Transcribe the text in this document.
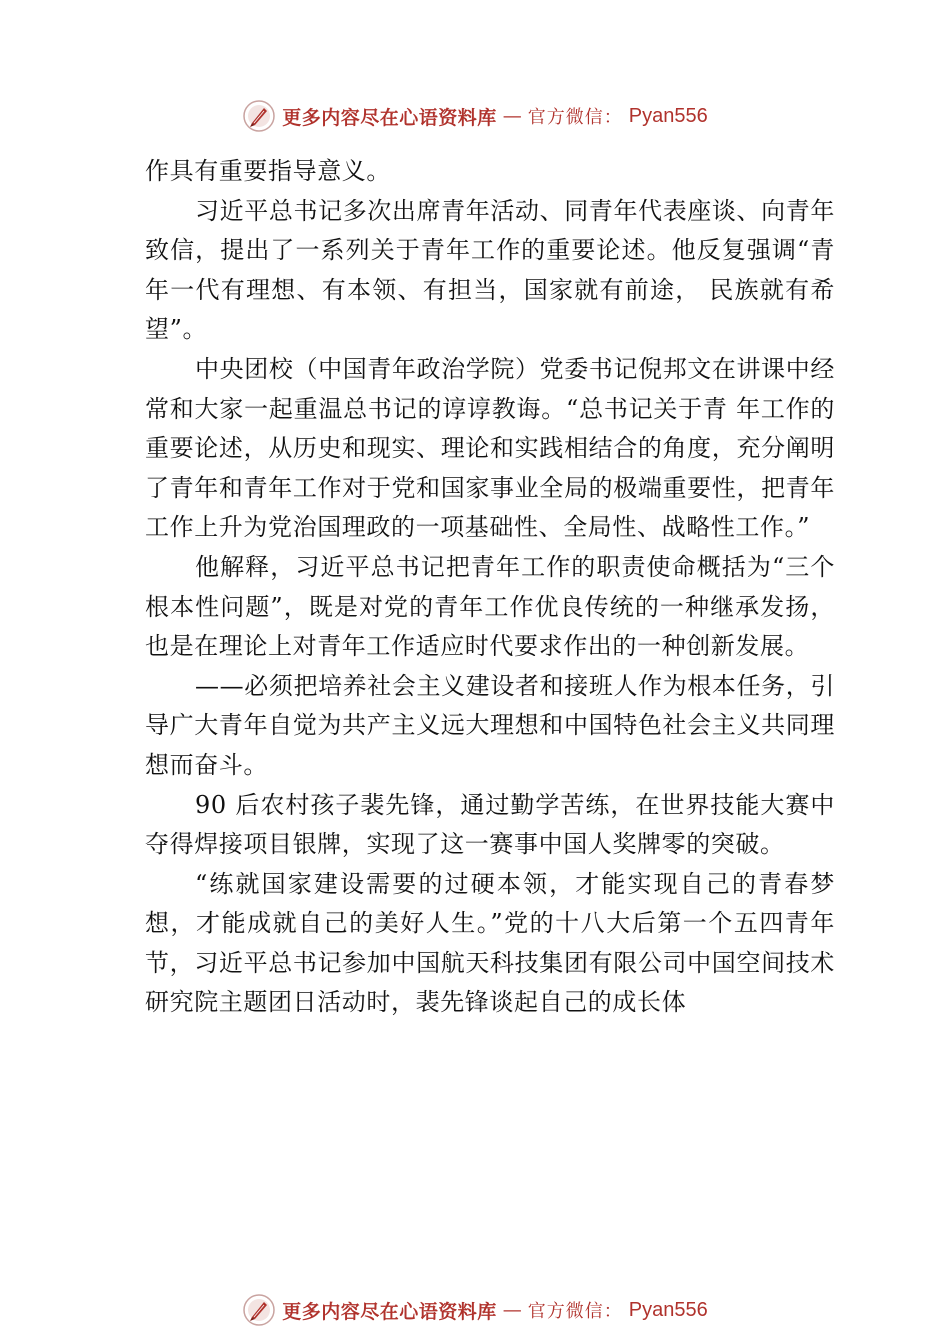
更多内容尽在心语资料库 — 官方微信： Pyan556

作具有重要指导意义。

习近平总书记多次出席青年活动、同青年代表座谈、向青年致信，提出了一系列关于青年工作的重要论述。他反复强调“青年一代有理想、有本领、有担当，国家就有前途， 民族就有希望”。

中央团校（中国青年政治学院）党委书记倪邦文在讲课中经常和大家一起重温总书记的谆谆教诲。“总书记关于青 年工作的重要论述，从历史和现实、理论和实践相结合的角度，充分阐明了青年和青年工作对于党和国家事业全局的极端重要性，把青年工作上升为党治国理政的一项基础性、全局性、战略性工作。”

他解释，习近平总书记把青年工作的职责使命概括为“三个根本性问题”，既是对党的青年工作优良传统的一种继承发扬，也是在理论上对青年工作适应时代要求作出的一种创新发展。

——必须把培养社会主义建设者和接班人作为根本任务，引导广大青年自觉为共产主义远大理想和中国特色社会主义共同理想而奋斗。

90 后农村孩子裴先锋，通过勤学苦练，在世界技能大赛中夺得焊接项目银牌，实现了这一赛事中国人奖牌零的突破。

“练就国家建设需要的过硬本领，才能实现自己的青春梦想，才能成就自己的美好人生。”党的十八大后第一个五四青年节，习近平总书记参加中国航天科技集团有限公司中国空间技术研究院主题团日活动时，裴先锋谈起自己的成长体

更多内容尽在心语资料库 — 官方微信： Pyan556
